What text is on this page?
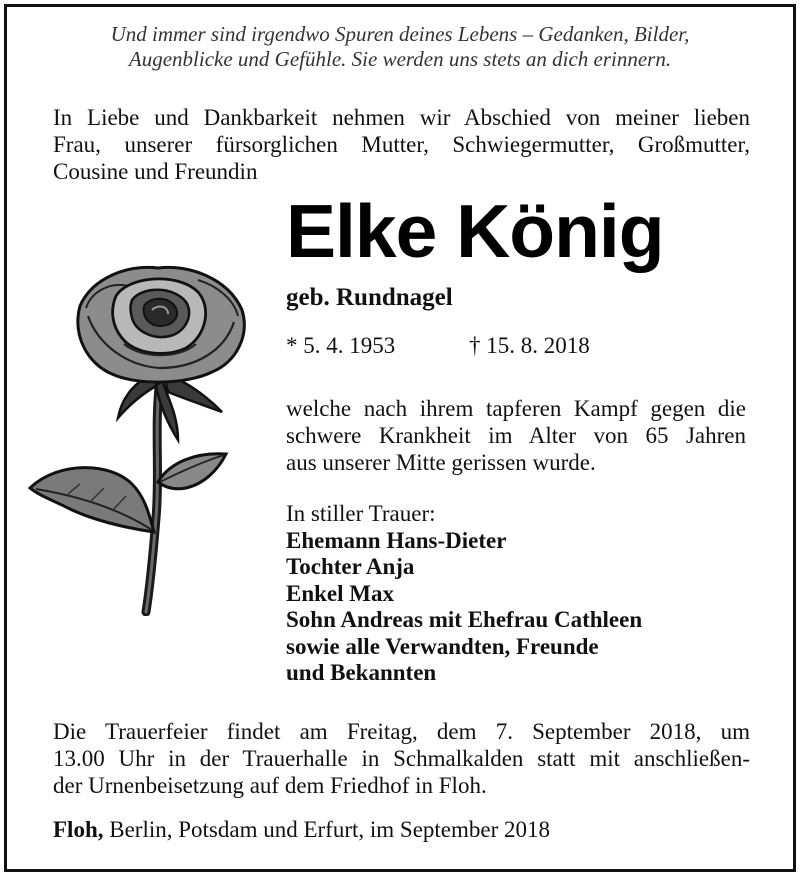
Und immer sind irgendwo Spuren deines Lebens – Gedanken, Bilder,
Augenblicke und Gefühle. Sie werden uns stets an dich erinnern.
In Liebe und Dankbarkeit nehmen wir Abschied von meiner lieben
Frau, unserer fürsorglichen Mutter, Schwiegermutter, Großmutter,
Cousine und Freundin
Elke König
geb. Rundnagel
* 5. 4. 1953	† 15. 8. 2018
welche nach ihrem tapferen Kampf gegen die
schwere Krankheit im Alter von 65 Jahren
aus unserer Mitte gerissen wurde.
In stiller Trauer:
Ehemann Hans-Dieter
Tochter Anja
Enkel Max
Sohn Andreas mit Ehefrau Cathleen
sowie alle Verwandten, Freunde
und Bekannten
Die Trauerfeier findet am Freitag, dem 7. September 2018, um
13.00 Uhr in der Trauerhalle in Schmalkalden statt mit anschließen-
der Urnenbeisetzung auf dem Friedhof in Floh.
Floh, Berlin, Potsdam und Erfurt, im September 2018
